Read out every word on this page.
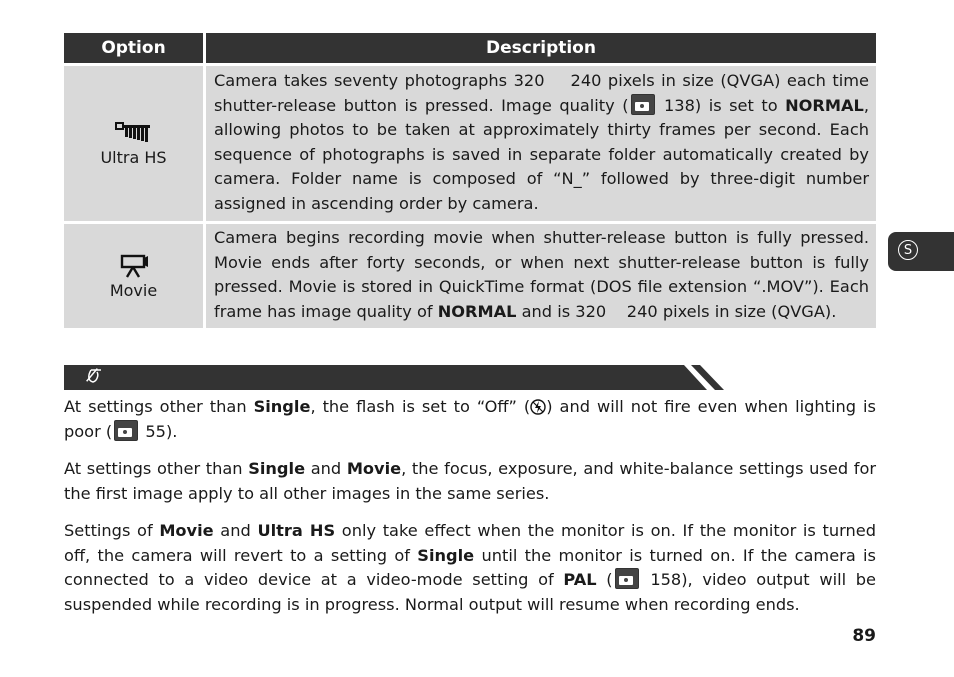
Option	Description
Ultra HS
Camera takes seventy photographs 320    240 pixels in size (QVGA) each time shutter-release button is pressed. Image quality ( 138) is set to NORMAL, allowing photos to be taken at approximately thirty frames per second. Each sequence of photographs is saved in separate folder automatically created by camera. Folder name is composed of “N_” followed by three-digit number assigned in ascending order by camera.
Movie
Camera begins recording movie when shutter-release button is fully pressed. Movie ends after forty seconds, or when next shutter-release button is fully pressed. Movie is stored in QuickTime format (DOS file extension “.MOV”). Each frame has image quality of NORMAL and is 320    240 pixels in size (QVGA).
At settings other than Single, the flash is set to “Off” ( ) and will not fire even when lighting is poor ( 55).
At settings other than Single and Movie, the focus, exposure, and white-balance settings used for the first image apply to all other images in the same series.
Settings of Movie and Ultra HS only take effect when the monitor is on. If the monitor is turned off, the camera will revert to a setting of Single until the monitor is turned on. If the camera is connected to a video device at a video-mode setting of PAL ( 158), video output will be suspended while recording is in progress. Normal output will resume when recording ends.
S
89
